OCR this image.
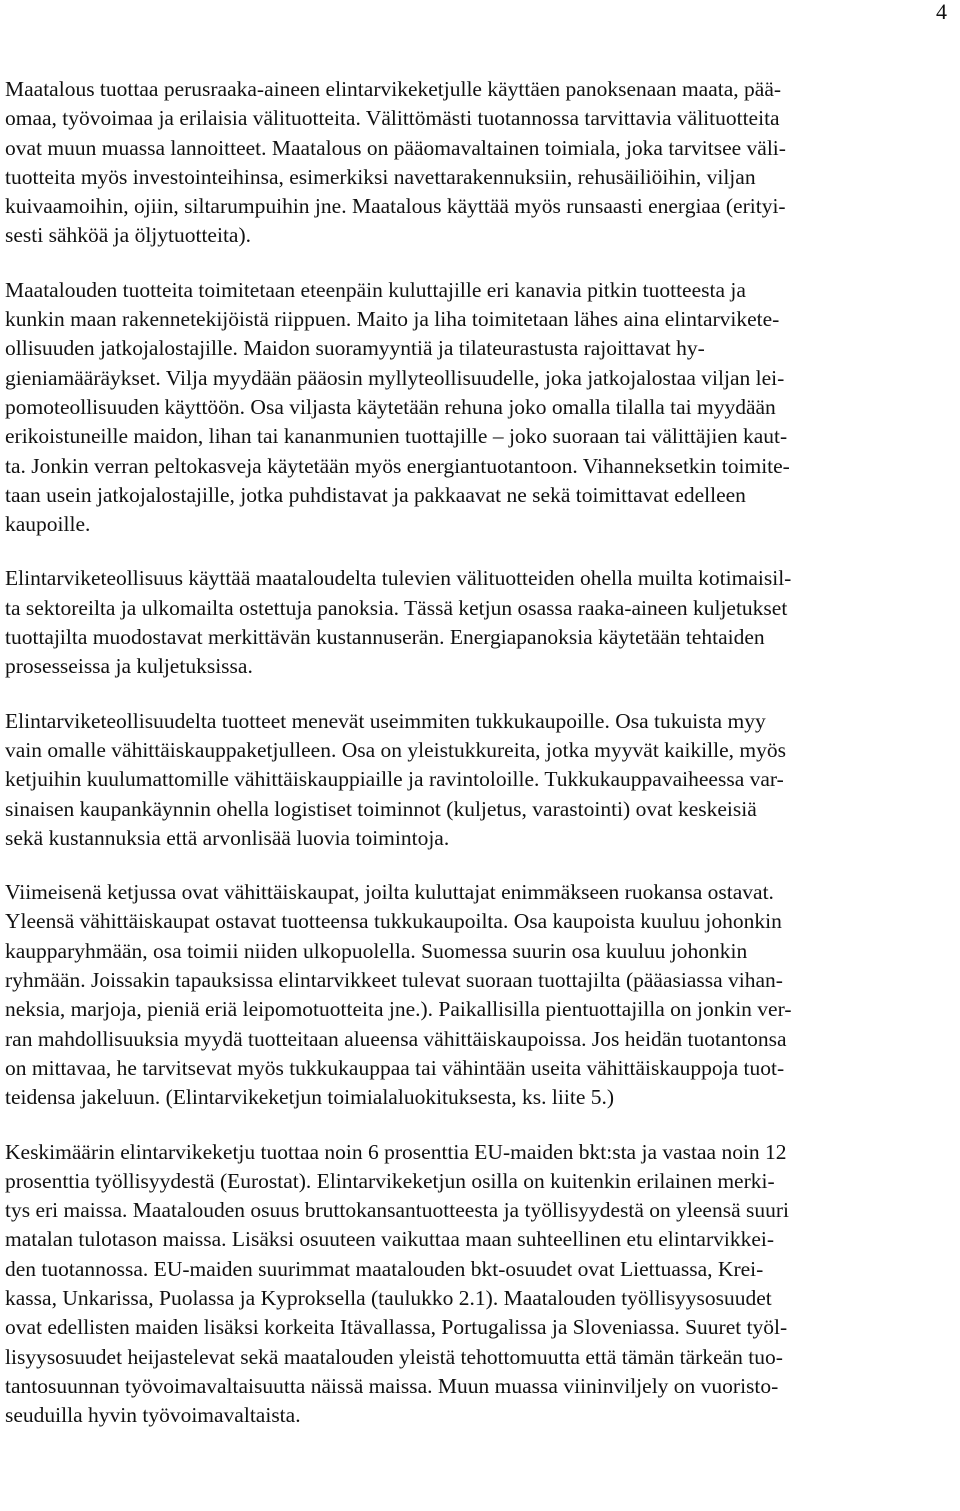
4

Maatalous tuottaa perusraaka-aineen elintarvikeketjulle käyttäen panoksenaan maata, pää-
omaa, työvoimaa ja erilaisia välituotteita. Välittömästi tuotannossa tarvittavia välituotteita
ovat muun muassa lannoitteet. Maatalous on pääomavaltainen toimiala, joka tarvitsee väli-
tuotteita myös investointeihinsa, esimerkiksi navettarakennuksiin, rehusäiliöihin, viljan
kuivaamoihin, ojiin, siltarumpuihin jne. Maatalous käyttää myös runsaasti energiaa (erityi-
sesti sähköä ja öljytuotteita).

Maatalouden tuotteita toimitetaan eteenpäin kuluttajille eri kanavia pitkin tuotteesta ja
kunkin maan rakennetekijöistä riippuen. Maito ja liha toimitetaan lähes aina elintarvikete-
ollisuuden jatkojalostajille. Maidon suoramyyntiä ja tilateurastusta rajoittavat hy-
gieniamääräykset. Vilja myydään pääosin myllyteollisuudelle, joka jatkojalostaa viljan lei-
pomoteollisuuden käyttöön. Osa viljasta käytetään rehuna joko omalla tilalla tai myydään
erikoistuneille maidon, lihan tai kananmunien tuottajille – joko suoraan tai välittäjien kaut-
ta. Jonkin verran peltokasveja käytetään myös energiantuotantoon. Vihanneksetkin toimite-
taan usein jatkojalostajille, jotka puhdistavat ja pakkaavat ne sekä toimittavat edelleen
kaupoille.

Elintarviketeollisuus käyttää maataloudelta tulevien välituotteiden ohella muilta kotimaisil-
ta sektoreilta ja ulkomailta ostettuja panoksia. Tässä ketjun osassa raaka-aineen kuljetukset
tuottajilta muodostavat merkittävän kustannuserän. Energiapanoksia käytetään tehtaiden
prosesseissa ja kuljetuksissa.

Elintarviketeollisuudelta tuotteet menevät useimmiten tukkukaupoille. Osa tukuista myy
vain omalle vähittäiskauppaketjulleen. Osa on yleistukkureita, jotka myyvät kaikille, myös
ketjuihin kuulumattomille vähittäiskauppiaille ja ravintoloille. Tukkukauppavaiheessa var-
sinaisen kaupankäynnin ohella logistiset toiminnot (kuljetus, varastointi) ovat keskeisiä
sekä kustannuksia että arvonlisää luovia toimintoja.

Viimeisenä ketjussa ovat vähittäiskaupat, joilta kuluttajat enimmäkseen ruokansa ostavat.
Yleensä vähittäiskaupat ostavat tuotteensa tukkukaupoilta. Osa kaupoista kuuluu johonkin
kaupparyhmään, osa toimii niiden ulkopuolella. Suomessa suurin osa kuuluu johonkin
ryhmään. Joissakin tapauksissa elintarvikkeet tulevat suoraan tuottajilta (pääasiassa vihan-
neksia, marjoja, pieniä eriä leipomotuotteita jne.). Paikallisilla pientuottajilla on jonkin ver-
ran mahdollisuuksia myydä tuotteitaan alueensa vähittäiskaupoissa. Jos heidän tuotantonsa
on mittavaa, he tarvitsevat myös tukkukauppaa tai vähintään useita vähittäiskauppoja tuot-
teidensa jakeluun. (Elintarvikeketjun toimialaluokituksesta, ks. liite 5.)

Keskimäärin elintarvikeketju tuottaa noin 6 prosenttia EU-maiden bkt:sta ja vastaa noin 12
prosenttia työllisyydestä (Eurostat). Elintarvikeketjun osilla on kuitenkin erilainen merki-
tys eri maissa. Maatalouden osuus bruttokansantuotteesta ja työllisyydestä on yleensä suuri
matalan tulotason maissa. Lisäksi osuuteen vaikuttaa maan suhteellinen etu elintarvikkei-
den tuotannossa. EU-maiden suurimmat maatalouden bkt-osuudet ovat Liettuassa, Krei-
kassa, Unkarissa, Puolassa ja Kyproksella (taulukko 2.1). Maatalouden työllisyysosuudet
ovat edellisten maiden lisäksi korkeita Itävallassa, Portugalissa ja Sloveniassa. Suuret työl-
lisyysosuudet heijastelevat sekä maatalouden yleistä tehottomuutta että tämän tärkeän tuo-
tantosuunnan työvoimavaltaisuutta näissä maissa. Muun muassa viininviljely on vuoristo-
seuduilla hyvin työvoimavaltaista.
